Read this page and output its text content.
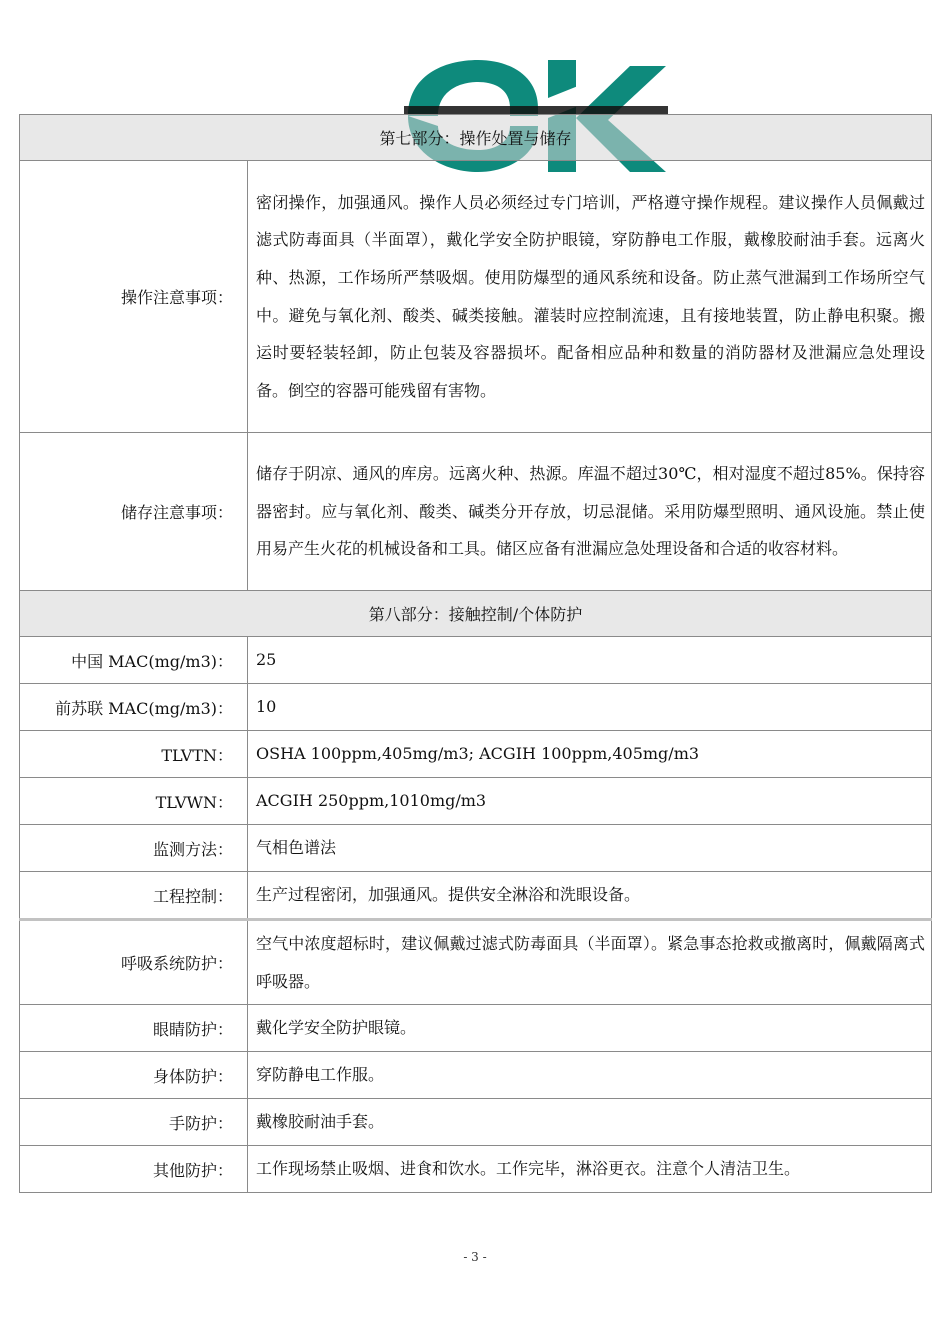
第七部分：操作处置与储存	
操作注意事项：	密闭操作，加强通风。操作人员必须经过专门培训，严格遵守操作规程。建议操作人员佩戴过滤式防毒面具（半面罩），戴化学安全防护眼镜，穿防静电工作服，戴橡胶耐油手套。远离火种、热源，工作场所严禁吸烟。使用防爆型的通风系统和设备。防止蒸气泄漏到工作场所空气中。避免与氧化剂、酸类、碱类接触。灌装时应控制流速，且有接地装置，防止静电积聚。搬运时要轻装轻卸，防止包装及容器损坏。配备相应品种和数量的消防器材及泄漏应急处理设备。倒空的容器可能残留有害物。
储存注意事项：	储存于阴凉、通风的库房。远离火种、热源。库温不超过30℃，相对湿度不超过85%。保持容器密封。应与氧化剂、酸类、碱类分开存放，切忌混储。采用防爆型照明、通风设施。禁止使用易产生火花的机械设备和工具。储区应备有泄漏应急处理设备和合适的收容材料。
第八部分：接触控制/个体防护	
中国 MAC(mg/m3)：	25
前苏联 MAC(mg/m3)：	10
TLVTN：	OSHA 100ppm,405mg/m3; ACGIH 100ppm,405mg/m3
TLVWN：	ACGIH 250ppm,1010mg/m3
监测方法：	气相色谱法
工程控制：	生产过程密闭，加强通风。提供安全淋浴和洗眼设备。
呼吸系统防护：	空气中浓度超标时，建议佩戴过滤式防毒面具（半面罩）。紧急事态抢救或撤离时，佩戴隔离式呼吸器。
眼睛防护：	戴化学安全防护眼镜。
身体防护：	穿防静电工作服。
手防护：	戴橡胶耐油手套。
其他防护：	工作现场禁止吸烟、进食和饮水。工作完毕，淋浴更衣。注意个人清洁卫生。
- 3 -
